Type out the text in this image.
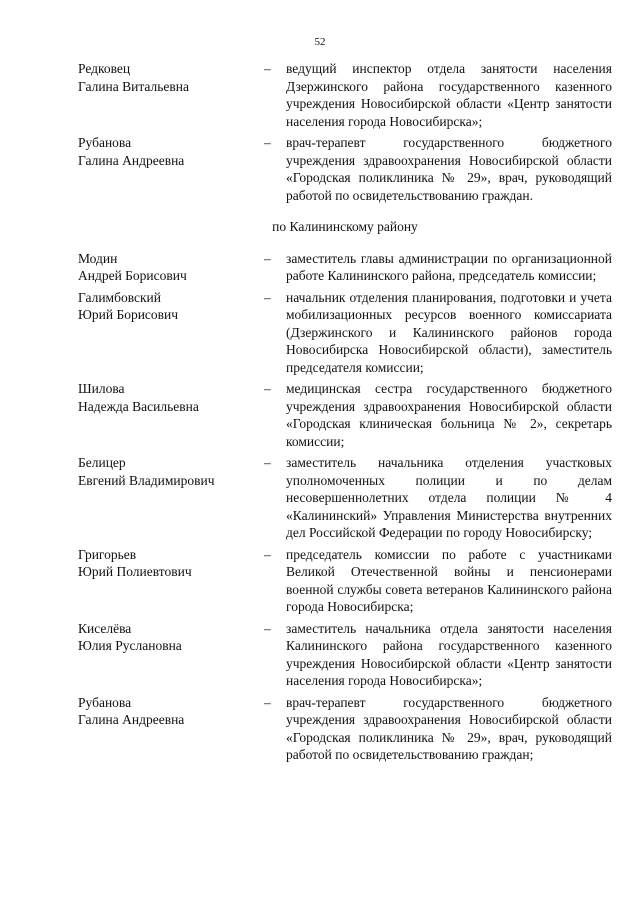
52
Редковец
Галина Витальевна
–	ведущий инспектор отдела занятости населения Дзержинского района государственного казенного учреждения Новосибирской области «Центр занятости населения города Новосибирска»;
Рубанова
Галина Андреевна
–	врач-терапевт государственного бюджетного учреждения здравоохранения Новосибирской области «Городская поликлиника № 29», врач, руководящий работой по освидетельствованию граждан.
по Калининскому району
Модин
Андрей Борисович
–	заместитель главы администрации по организационной работе Калининского района, председатель комиссии;
Галимбовский
Юрий Борисович
–	начальник отделения планирования, подготовки и учета мобилизационных ресурсов военного комиссариата (Дзержинского и Калининского районов города Новосибирска Новосибирской области), заместитель председателя комиссии;
Шилова
Надежда Васильевна
–	медицинская сестра государственного бюджетного учреждения здравоохранения Новосибирской области «Городская клиническая больница № 2», секретарь комиссии;
Белицер
Евгений Владимирович
–	заместитель начальника отделения участковых уполномоченных полиции и по делам несовершеннолетних отдела полиции № 4 «Калининский» Управления Министерства внутренних дел Российской Федерации по городу Новосибирску;
Григорьев
Юрий Полиевтович
–	председатель комиссии по работе с участниками Великой Отечественной войны и пенсионерами военной службы совета ветеранов Калининского района города Новосибирска;
Киселёва
Юлия Руслановна
–	заместитель начальника отдела занятости населения Калининского района государственного казенного учреждения Новосибирской области «Центр занятости населения города Новосибирска»;
Рубанова
Галина Андреевна
–	врач-терапевт государственного бюджетного учреждения здравоохранения Новосибирской области «Городская поликлиника № 29», врач, руководящий работой по освидетельствованию граждан;
